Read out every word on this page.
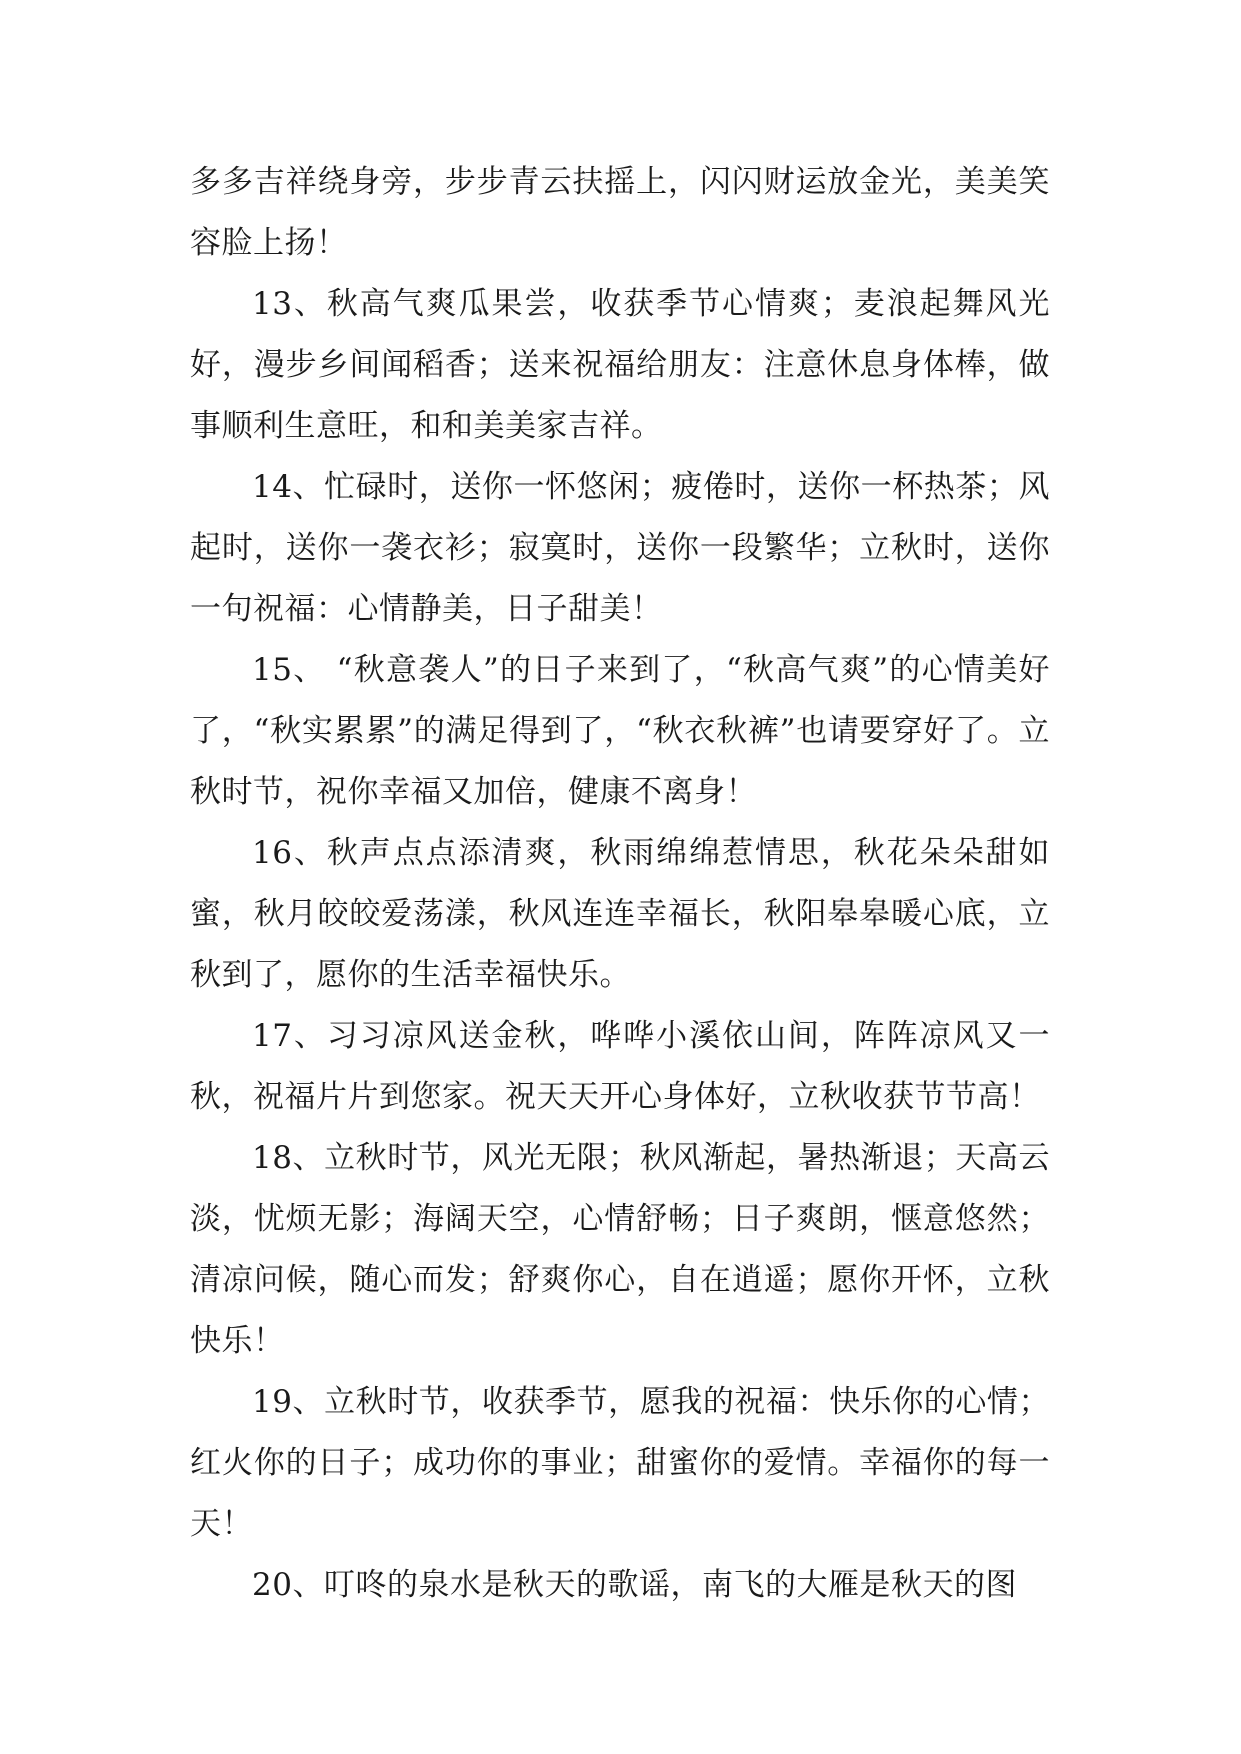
多多吉祥绕身旁，步步青云扶摇上，闪闪财运放金光，美美笑容脸上扬！

13、秋高气爽瓜果尝，收获季节心情爽；麦浪起舞风光好，漫步乡间闻稻香；送来祝福给朋友：注意休息身体棒，做事顺利生意旺，和和美美家吉祥。

14、忙碌时，送你一怀悠闲；疲倦时，送你一杯热茶；风起时，送你一袭衣衫；寂寞时，送你一段繁华；立秋时，送你一句祝福：心情静美，日子甜美！

15、 “秋意袭人”的日子来到了，“秋高气爽”的心情美好了，“秋实累累”的满足得到了，“秋衣秋裤”也请要穿好了。立秋时节，祝你幸福又加倍，健康不离身！

16、秋声点点添清爽，秋雨绵绵惹情思，秋花朵朵甜如蜜，秋月皎皎爱荡漾，秋风连连幸福长，秋阳皋皋暖心底，立秋到了，愿你的生活幸福快乐。

17、习习凉风送金秋，哗哗小溪依山间，阵阵凉风又一秋，祝福片片到您家。祝天天开心身体好，立秋收获节节高！

18、立秋时节，风光无限；秋风渐起，暑热渐退；天高云淡，忧烦无影；海阔天空，心情舒畅；日子爽朗，惬意悠然；清凉问候，随心而发；舒爽你心，自在逍遥；愿你开怀，立秋快乐！

19、立秋时节，收获季节，愿我的祝福：快乐你的心情；红火你的日子；成功你的事业；甜蜜你的爱情。幸福你的每一天！

20、叮咚的泉水是秋天的歌谣，南飞的大雁是秋天的图
